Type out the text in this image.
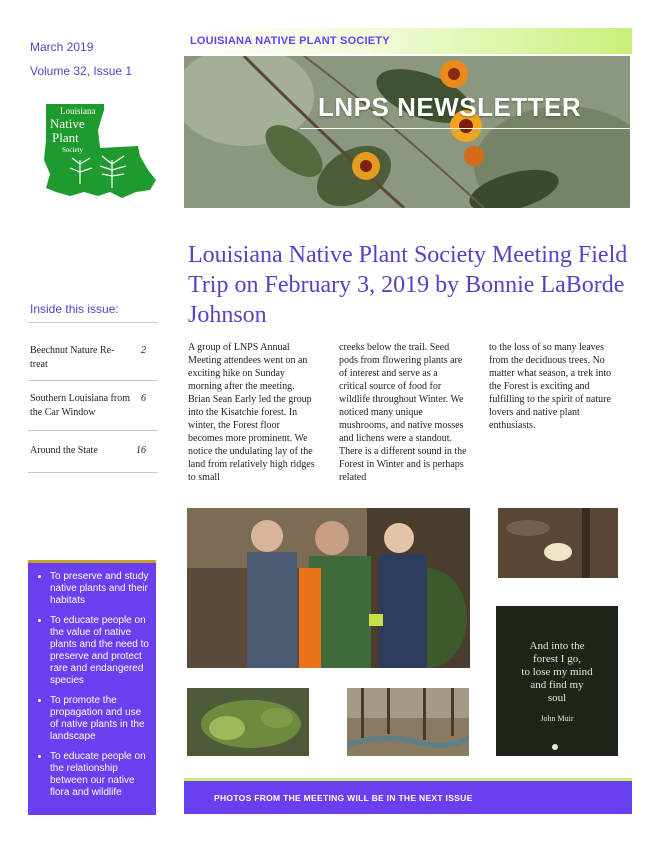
March 2019
Volume 32, Issue 1
Louisiana
Native
Plant
Society
Inside this issue:
Beechnut Nature Re-treat
2
Southern Louisiana from the Car Window
6
Around the State	16
• To preserve and study native plants and their habitats
• To educate people on the value of native plants and the need to preserve and protect rare and endangered species
• To promote the propagation and use of native plants in the landscape
• To educate people on the relationship between our native flora and wildlife
LOUISIANA NATIVE PLANT SOCIETY
LNPS NEWSLETTER
Louisiana Native Plant Society Meeting Field Trip on February 3, 2019 by Bonnie LaBorde Johnson
A group of LNPS Annual Meeting attendees went on an exciting hike on Sunday morning after the meeting. Brian Sean Early led the group into the Kisatchie forest. In winter, the Forest floor becomes more prominent. We notice the undulating lay of the land from relatively high ridges to small
creeks below the trail. Seed pods from flowering plants are of interest and serve as a critical source of food for wildlife throughout Winter. We noticed many unique mushrooms, and native mosses and lichens were a standout. There is a different sound in the Forest in Winter and is perhaps related
to the loss of so many leaves from the deciduous trees. No matter what season, a trek into the Forest is exciting and fulfilling to the spirit of nature lovers and native plant enthusiasts.
And into the
forest I go,
to lose my mind
and find my
soul
John Muir
PHOTOS FROM THE MEETING WILL BE IN THE NEXT ISSUE
